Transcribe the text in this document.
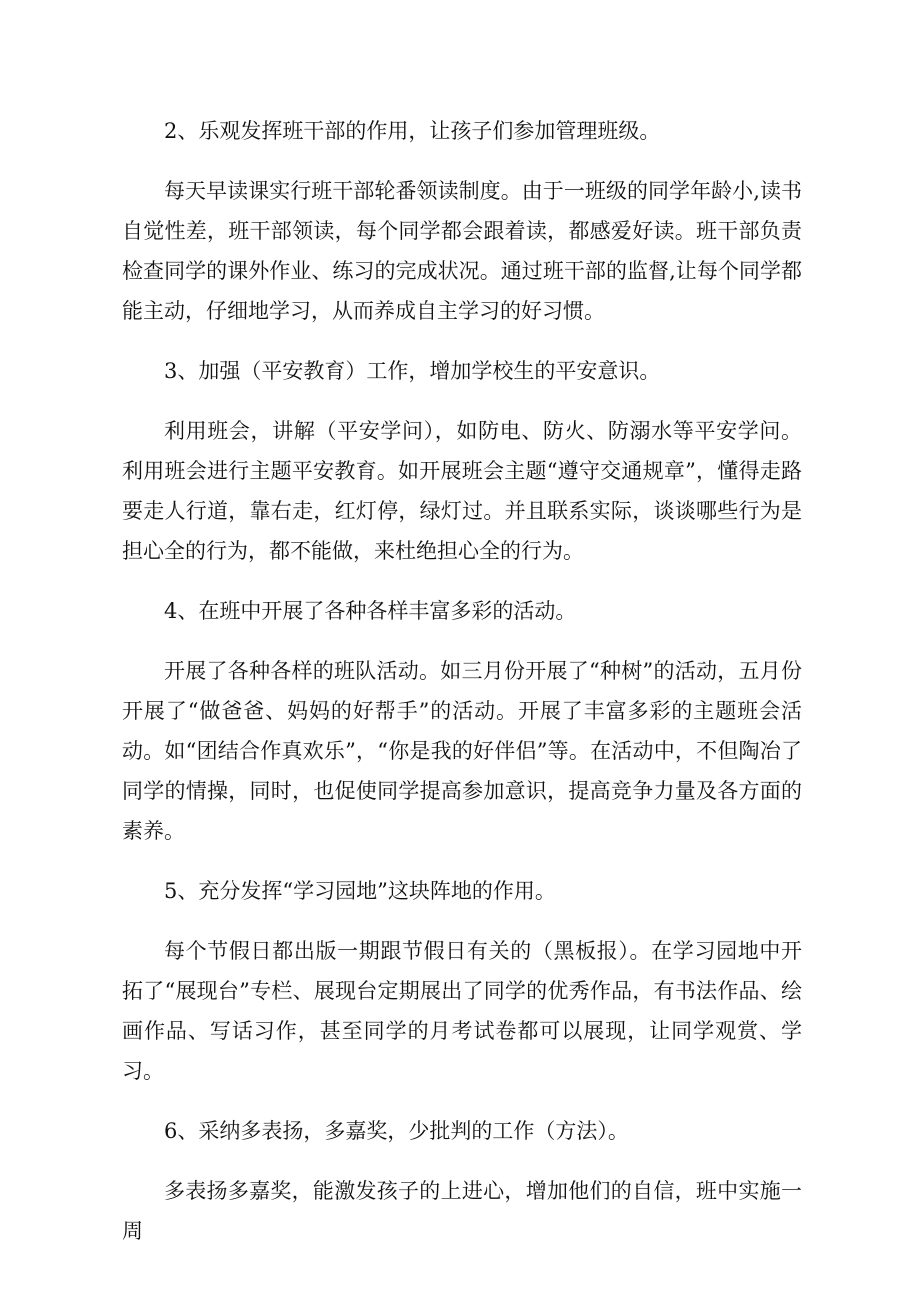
2、乐观发挥班干部的作用，让孩子们参加管理班级。

每天早读课实行班干部轮番领读制度。由于一班级的同学年龄小,读书自觉性差，班干部领读，每个同学都会跟着读，都感爱好读。班干部负责检查同学的课外作业、练习的完成状况。通过班干部的监督,让每个同学都能主动，仔细地学习，从而养成自主学习的好习惯。

3、加强（平安教育）工作，增加学校生的平安意识。

利用班会，讲解（平安学问），如防电、防火、防溺水等平安学问。利用班会进行主题平安教育。如开展班会主题“遵守交通规章”，懂得走路要走人行道，靠右走，红灯停，绿灯过。并且联系实际，谈谈哪些行为是担心全的行为，都不能做，来杜绝担心全的行为。

4、在班中开展了各种各样丰富多彩的活动。

开展了各种各样的班队活动。如三月份开展了“种树”的活动，五月份开展了“做爸爸、妈妈的好帮手”的活动。开展了丰富多彩的主题班会活动。如“团结合作真欢乐”，“你是我的好伴侣”等。在活动中，不但陶冶了同学的情操，同时，也促使同学提高参加意识，提高竞争力量及各方面的素养。

5、充分发挥“学习园地”这块阵地的作用。

每个节假日都出版一期跟节假日有关的（黑板报）。在学习园地中开拓了“展现台”专栏、展现台定期展出了同学的优秀作品，有书法作品、绘画作品、写话习作，甚至同学的月考试卷都可以展现，让同学观赏、学习。

6、采纳多表扬，多嘉奖，少批判的工作（方法）。

多表扬多嘉奖，能激发孩子的上进心，增加他们的自信，班中实施一周
